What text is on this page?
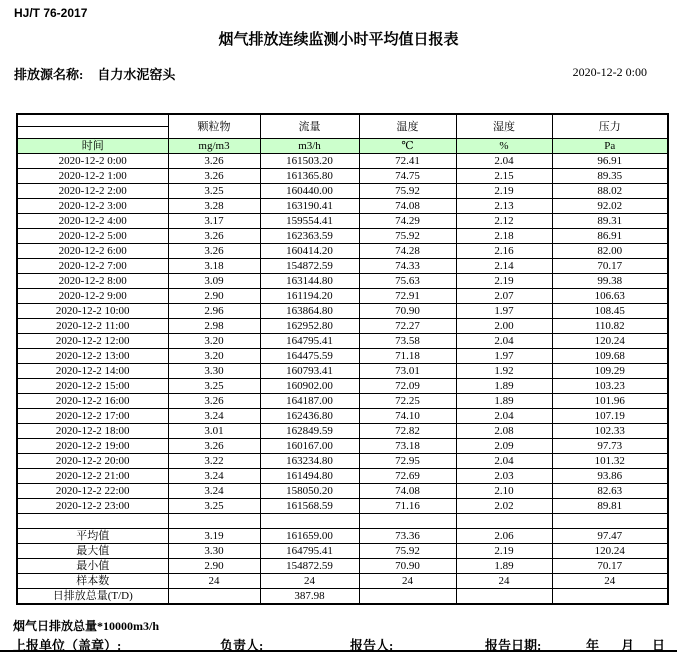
HJ/T 76-2017
烟气排放连续监测小时平均值日报表
排放源名称: 自力水泥窑头	2020-12-2 0:00
	颗粒物	流量	温度	湿度	压力

时间	mg/m3	m3/h	℃	%	Pa
2020-12-2 0:00	3.26	161503.20	72.41	2.04	96.91
2020-12-2 1:00	3.26	161365.80	74.75	2.15	89.35
2020-12-2 2:00	3.25	160440.00	75.92	2.19	88.02
2020-12-2 3:00	3.28	163190.41	74.08	2.13	92.02
2020-12-2 4:00	3.17	159554.41	74.29	2.12	89.31
2020-12-2 5:00	3.26	162363.59	75.92	2.18	86.91
2020-12-2 6:00	3.26	160414.20	74.28	2.16	82.00
2020-12-2 7:00	3.18	154872.59	74.33	2.14	70.17
2020-12-2 8:00	3.09	163144.80	75.63	2.19	99.38
2020-12-2 9:00	2.90	161194.20	72.91	2.07	106.63
2020-12-2 10:00	2.96	163864.80	70.90	1.97	108.45
2020-12-2 11:00	2.98	162952.80	72.27	2.00	110.82
2020-12-2 12:00	3.20	164795.41	73.58	2.04	120.24
2020-12-2 13:00	3.20	164475.59	71.18	1.97	109.68
2020-12-2 14:00	3.30	160793.41	73.01	1.92	109.29
2020-12-2 15:00	3.25	160902.00	72.09	1.89	103.23
2020-12-2 16:00	3.26	164187.00	72.25	1.89	101.96
2020-12-2 17:00	3.24	162436.80	74.10	2.04	107.19
2020-12-2 18:00	3.01	162849.59	72.82	2.08	102.33
2020-12-2 19:00	3.26	160167.00	73.18	2.09	97.73
2020-12-2 20:00	3.22	163234.80	72.95	2.04	101.32
2020-12-2 21:00	3.24	161494.80	72.69	2.03	93.86
2020-12-2 22:00	3.24	158050.20	74.08	2.10	82.63
2020-12-2 23:00	3.25	161568.59	71.16	2.02	89.81

平均值	3.19	161659.00	73.36	2.06	97.47
最大值	3.30	164795.41	75.92	2.19	120.24
最小值	2.90	154872.59	70.90	1.89	70.17
样本数	24	24	24	24	24
日排放总量(T/D)		387.98			
烟气日排放总量*10000m3/h
上报单位（盖章）:	负责人:	报告人:	报告日期:	年 月 日
